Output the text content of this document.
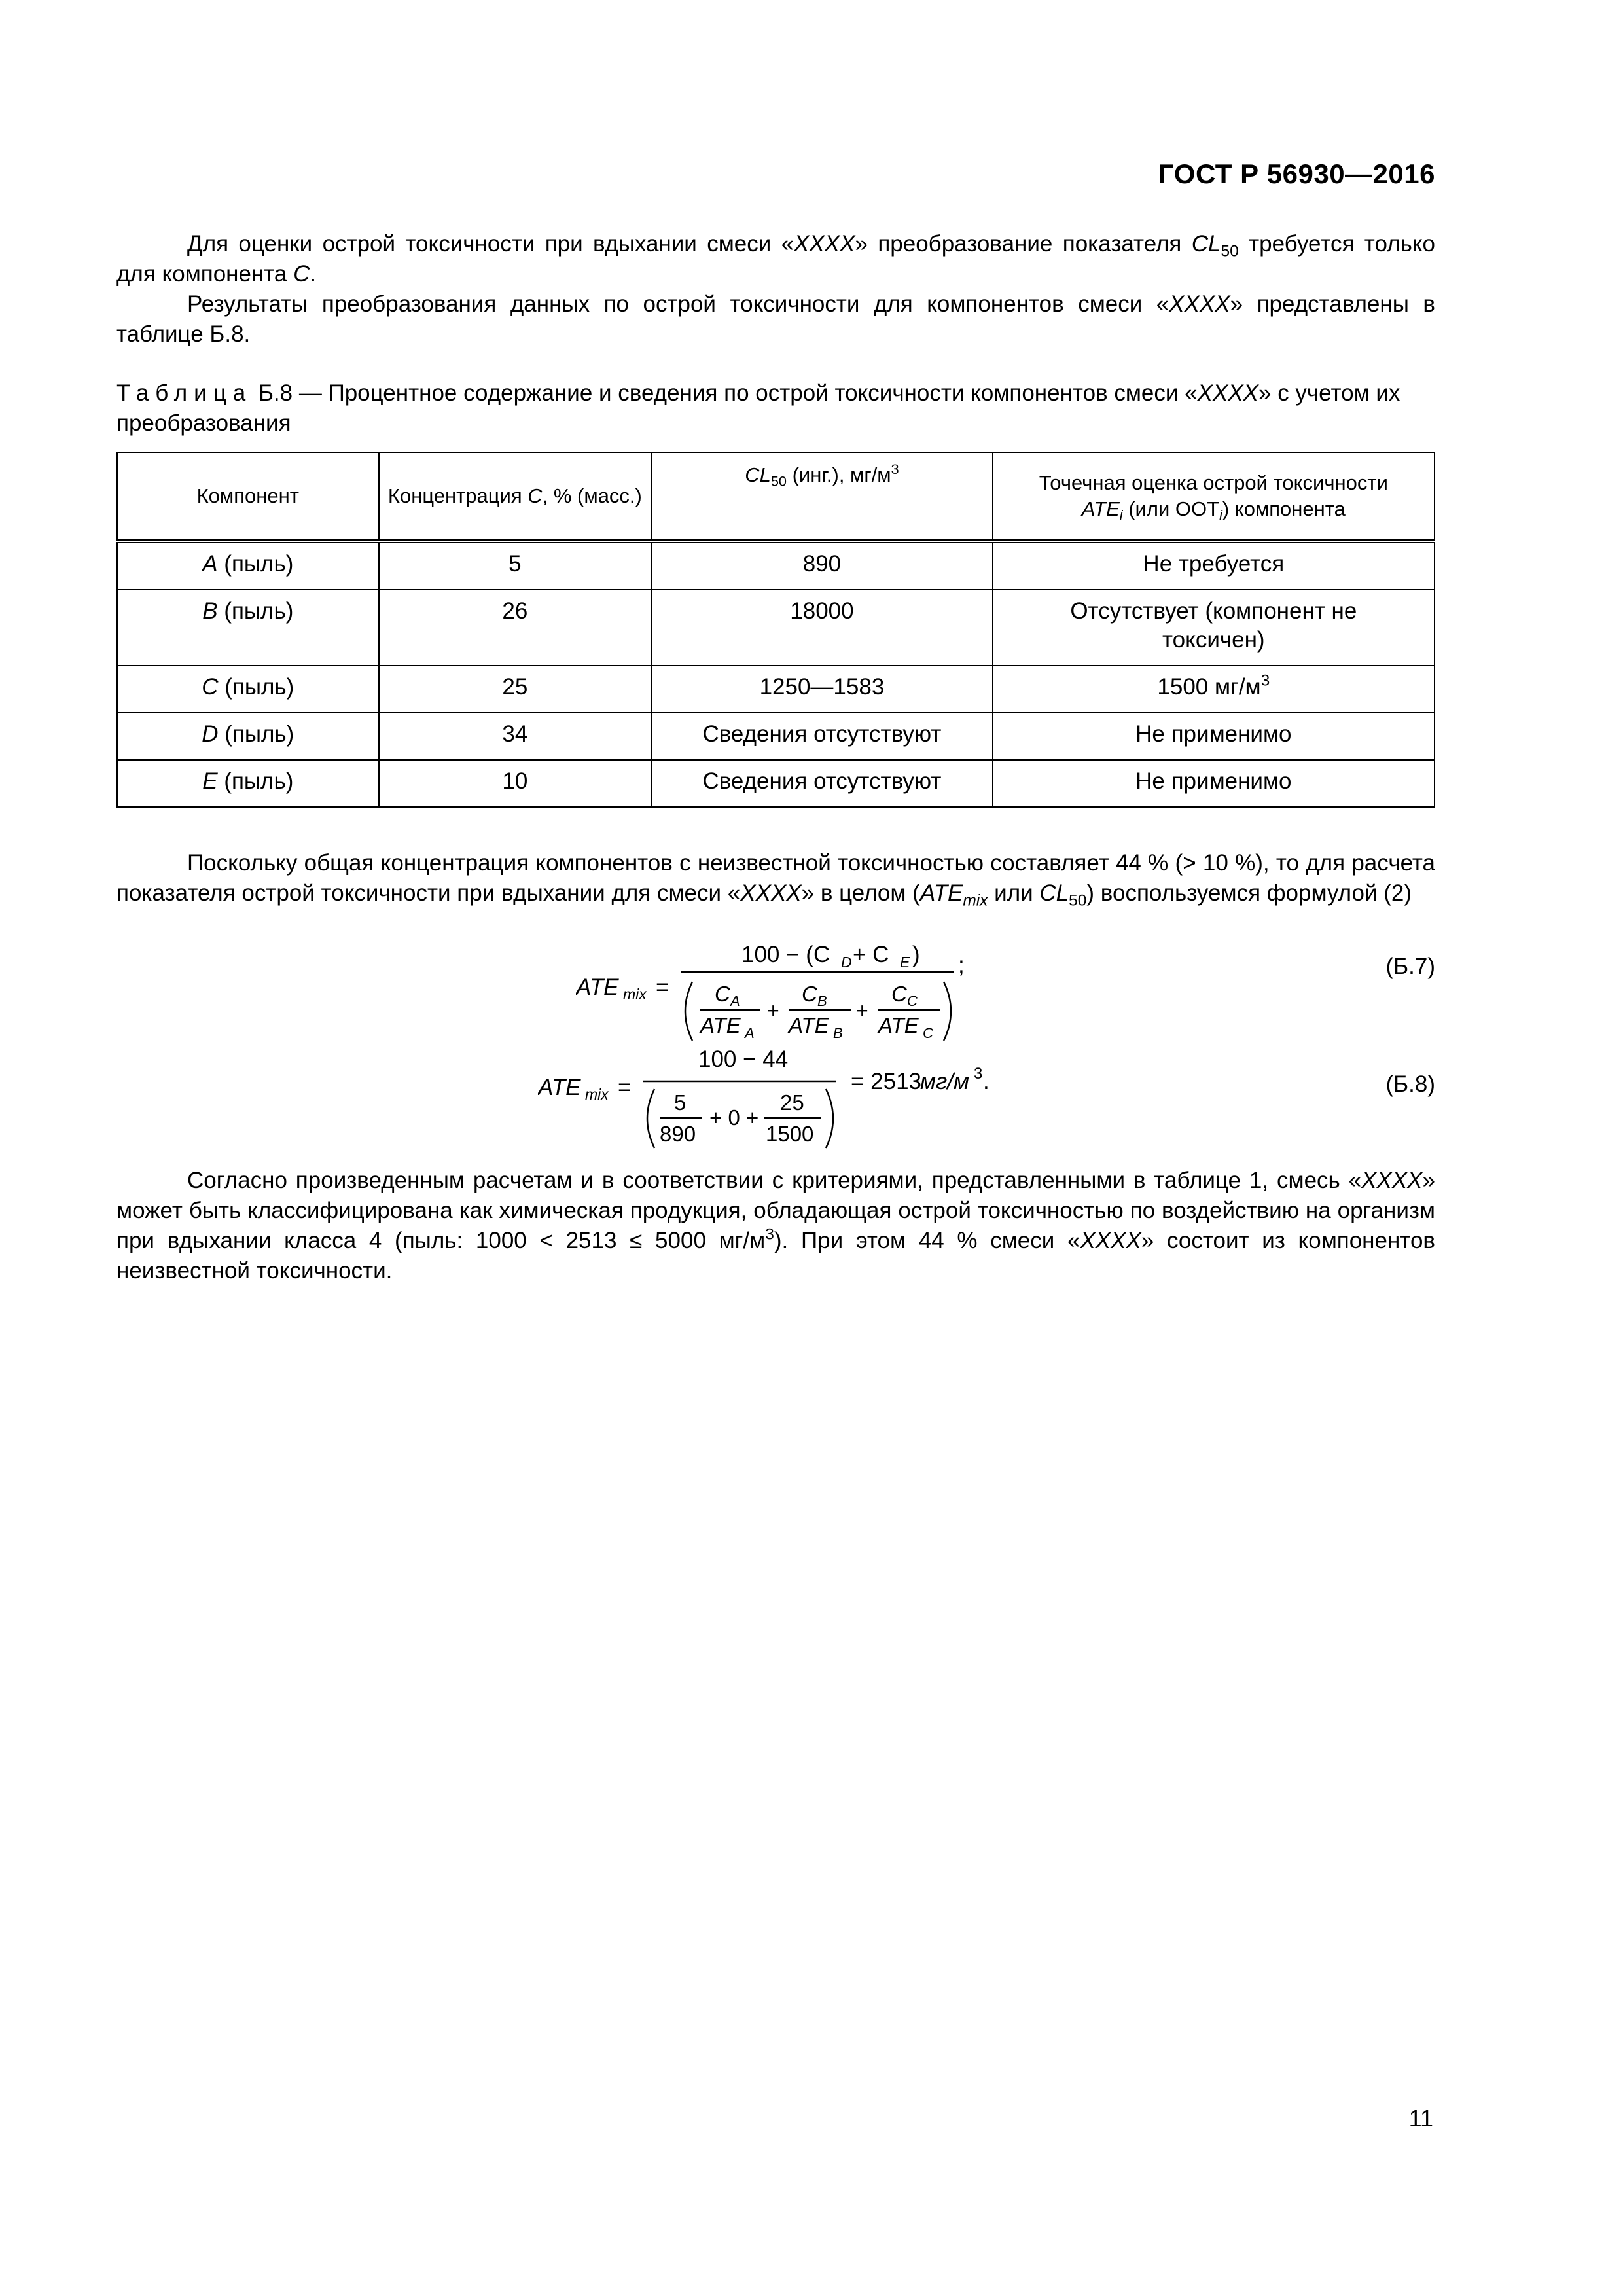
ГОСТ Р 56930—2016
Для оценки острой токсичности при вдыхании смеси «XXXX» преобразование показателя $CL_{50}$ требуется только для компонента C.
Результаты преобразования данных по острой токсичности для компонентов смеси «XXXX» представлены в таблице Б.8.
Таблица Б.8 — Процентное содержание и сведения по острой токсичности компонентов смеси «XXXX» с учетом их преобразования
Компонент	Концентрация C, % (масс.)	$CL_{50}$ (инг.), $мг/м^3$	Точечная оценка острой токсичности
$ATE_i$ (или $ООТ_i$) компонента
A (пыль)	5	890	Не требуется
B (пыль)	26	18000	Отсутствует (компонент не токсичен)
C (пыль)	25	1250—1583	1500 $мг/м^3$
D (пыль)	34	Сведения отсутствуют	Не применимо
E (пыль)	10	Сведения отсутствуют	Не применимо
Поскольку общая концентрация компонентов с неизвестной токсичностью составляет 44 % (> 10 %), то для расчета показателя острой токсичности при вдыхании для смеси «XXXX» в целом ($ATE_{mix}$ или $CL_{50}$) воспользуемся формулой (2)
ATE mix =
100 − (C D + C E )
C A
ATE A
+
C B
ATE B
+
C C
ATE C
;	(Б.7)
ATE mix =
100 − 44
5
890
+ 0 +
25
1500
= 2513
мг/м 3 .	(Б.8)
Согласно произведенным расчетам и в соответствии с критериями, представленными в таблице 1, смесь «XXXX» может быть классифицирована как химическая продукция, обладающая острой токсичностью по воздействию на организм при вдыхании класса 4 (пыль: 1000 < 2513 ≤ 5000 $мг/м^3$). При этом 44 % смеси «XXXX» состоит из компонентов неизвестной токсичности.
11
